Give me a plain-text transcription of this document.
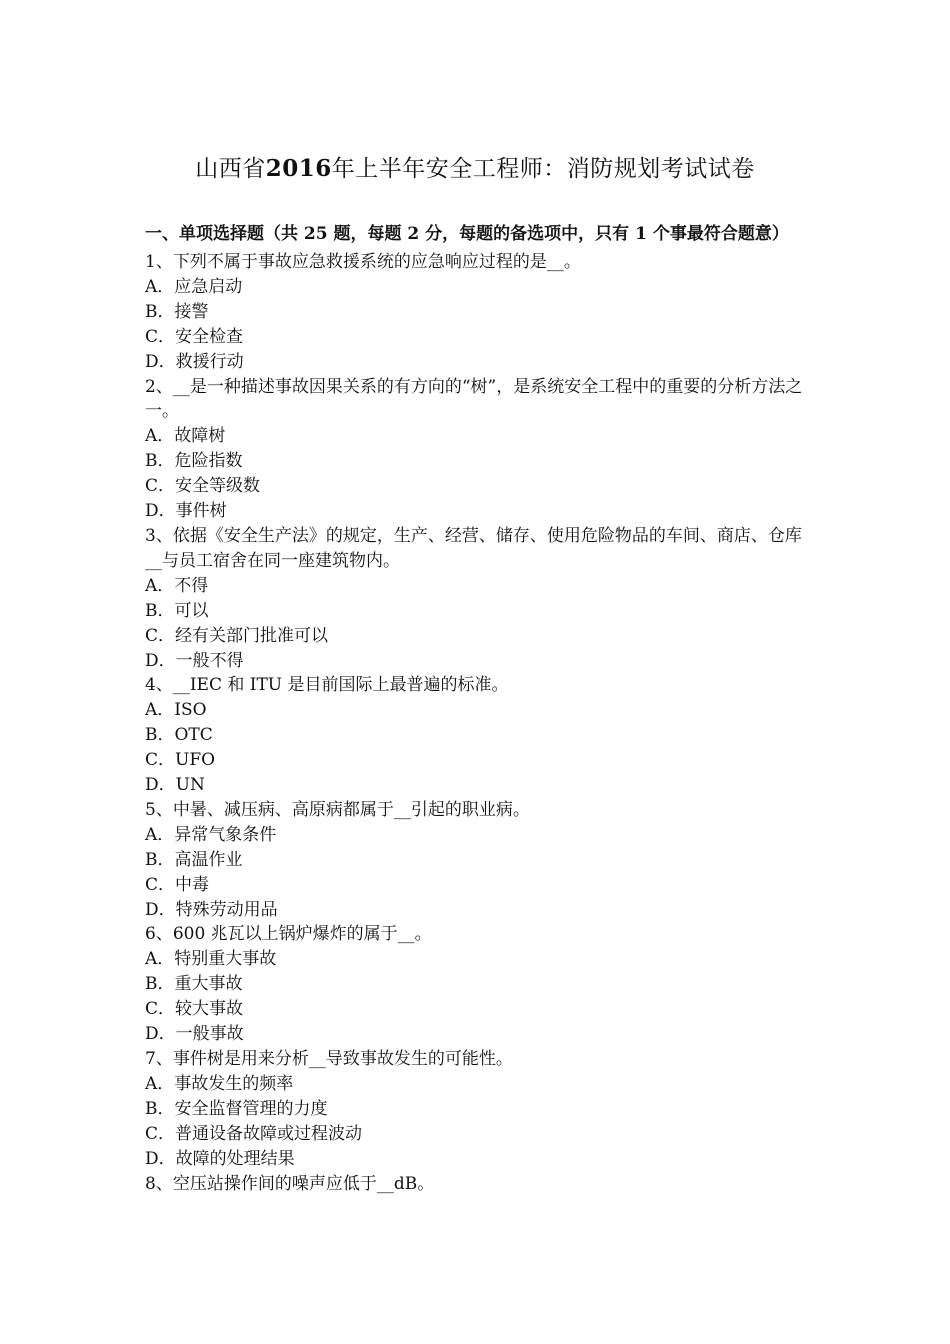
山西省2016年上半年安全工程师：消防规划考试试卷
一、单项选择题（共 25 题，每题 2 分，每题的备选项中，只有 1 个事最符合题意）
1、下列不属于事故应急救援系统的应急响应过程的是__。
A．应急启动
B．接警
C．安全检查
D．救援行动
2、__是一种描述事故因果关系的有方向的“树”，是系统安全工程中的重要的分析方法之一。
A．故障树
B．危险指数
C．安全等级数
D．事件树
3、依据《安全生产法》的规定，生产、经营、储存、使用危险物品的车间、商店、仓库__与员工宿舍在同一座建筑物内。
A．不得
B．可以
C．经有关部门批准可以
D．一般不得
4、__IEC 和 ITU 是目前国际上最普遍的标准。
A．ISO
B．OTC
C．UFO
D．UN
5、中暑、减压病、高原病都属于__引起的职业病。
A．异常气象条件
B．高温作业
C．中毒
D．特殊劳动用品
6、600 兆瓦以上锅炉爆炸的属于__。
A．特别重大事故
B．重大事故
C．较大事故
D．一般事故
7、事件树是用来分析__导致事故发生的可能性。
A．事故发生的频率
B．安全监督管理的力度
C．普通设备故障或过程波动
D．故障的处理结果
8、空压站操作间的噪声应低于__dB。
